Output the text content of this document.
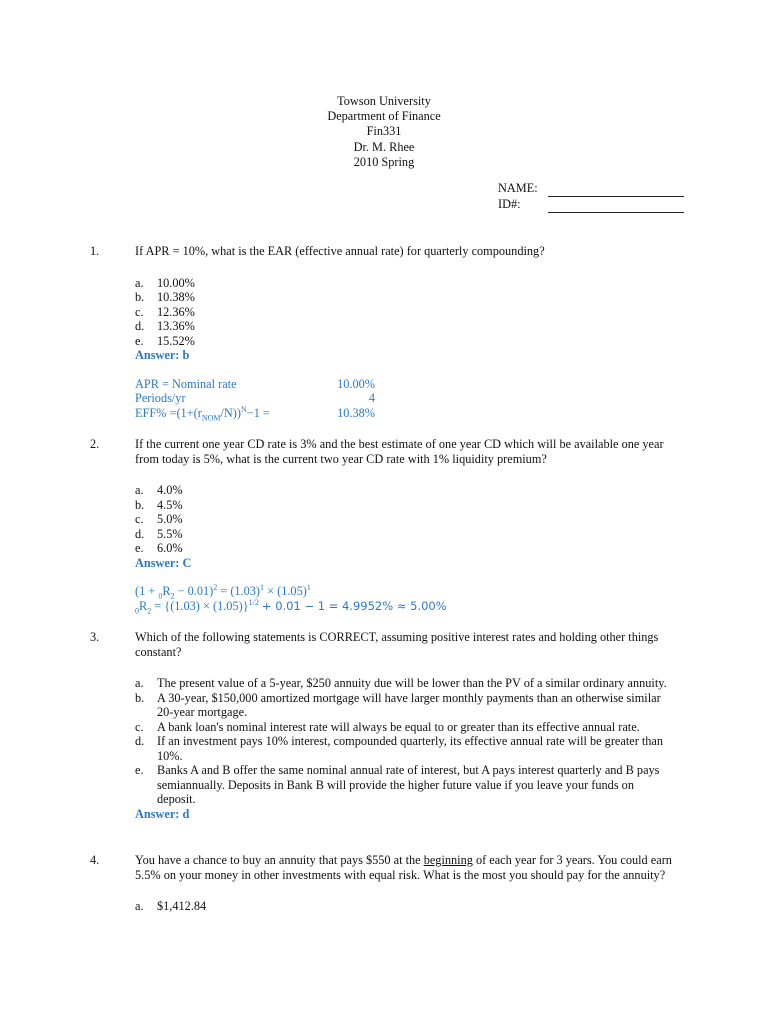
Towson University
Department of Finance
Fin331
Dr. M. Rhee
2010 Spring
NAME:
ID#:
1.	If APR = 10%, what is the EAR (effective annual rate) for quarterly compounding?
a. 10.00%
b. 10.38%
c. 12.36%
d. 13.36%
e. 15.52%
Answer: b
APR = Nominal rate	10.00%
Periods/yr	4
$EFF\% =(1+(r_{NOM}/N))^N-1$ =	10.38%
2.	If the current one year CD rate is 3% and the best estimate of one year CD which will be available one year
from today is 5%, what is the current two year CD rate with 1% liquidity premium?
a. 4.0%
b. 4.5%
c. 5.0%
d. 5.5%
e. 6.0%
Answer: C
$(1 + _0R_2 - 0.01)^2 = (1.03)^1 \times (1.05)^1$
$_0R_2 = \{(1.03) \times (1.05)\}^{1/2} + 0.01 - 1 = 4.9952\% \approx 5.00\%$
3.	Which of the following statements is CORRECT, assuming positive interest rates and holding other things
constant?
a. The present value of a 5-year, $250 annuity due will be lower than the PV of a similar ordinary annuity.
b. A 30-year, $150,000 amortized mortgage will have larger monthly payments than an otherwise similar 20-year mortgage.
c. A bank loan's nominal interest rate will always be equal to or greater than its effective annual rate.
d. If an investment pays 10% interest, compounded quarterly, its effective annual rate will be greater than 10%.
e. Banks A and B offer the same nominal annual rate of interest, but A pays interest quarterly and B pays semiannually. Deposits in Bank B will provide the higher future value if you leave your funds on deposit.
Answer: d
4.	You have a chance to buy an annuity that pays $550 at the beginning of each year for 3 years. You could earn 5.5% on your money in other investments with equal risk. What is the most you should pay for the annuity?
a. $1,412.84
